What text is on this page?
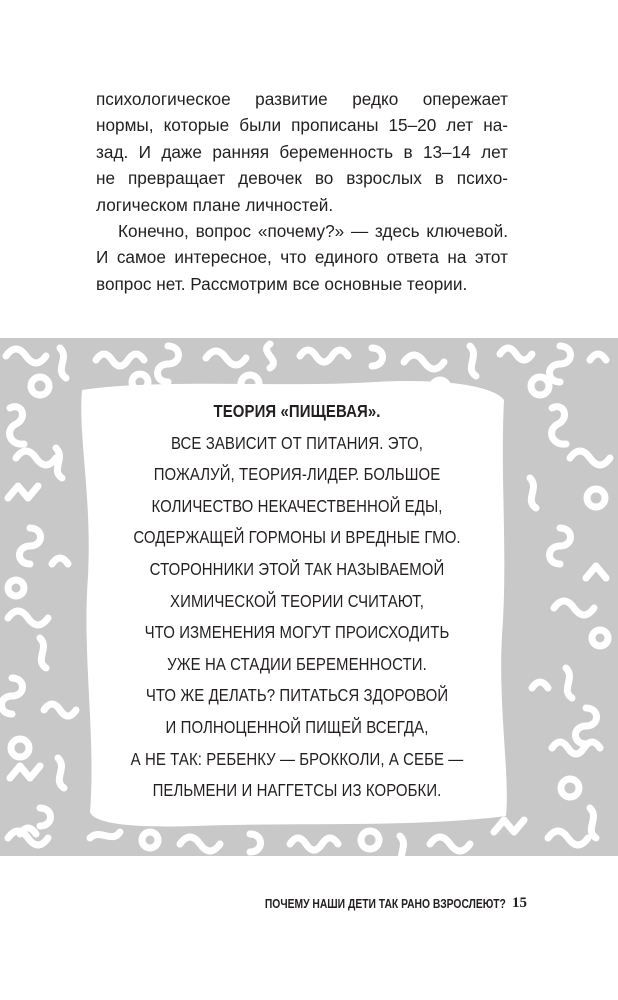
психологическое развитие редко опережает
нормы, которые были прописаны 15–20 лет на-
зад. И даже ранняя беременность в 13–14 лет
не превращает девочек во взрослых в психо-
логическом плане личностей.
Конечно, вопрос «почему?» — здесь ключевой.
И самое интересное, что единого ответа на этот
вопрос нет. Рассмотрим все основные теории.
ТЕОРИЯ «ПИЩЕВАЯ».
ВСЕ ЗАВИСИТ ОТ ПИТАНИЯ. ЭТО,
ПОЖАЛУЙ, ТЕОРИЯ-ЛИДЕР. БОЛЬШОЕ
КОЛИЧЕСТВО НЕКАЧЕСТВЕННОЙ ЕДЫ,
СОДЕРЖАЩЕЙ ГОРМОНЫ И ВРЕДНЫЕ ГМО.
СТОРОННИКИ ЭТОЙ ТАК НАЗЫВАЕМОЙ
ХИМИЧЕСКОЙ ТЕОРИИ СЧИТАЮТ,
ЧТО ИЗМЕНЕНИЯ МОГУТ ПРОИСХОДИТЬ
УЖЕ НА СТАДИИ БЕРЕМЕННОСТИ.
ЧТО ЖЕ ДЕЛАТЬ? ПИТАТЬСЯ ЗДОРОВОЙ
И ПОЛНОЦЕННОЙ ПИЩЕЙ ВСЕГДА,
А НЕ ТАК: РЕБЕНКУ — БРОККОЛИ, А СЕБЕ —
ПЕЛЬМЕНИ И НАГГЕТСЫ ИЗ КОРОБКИ.
ПОЧЕМУ НАШИ ДЕТИ ТАК РАНО ВЗРОСЛЕЮТ? 15
